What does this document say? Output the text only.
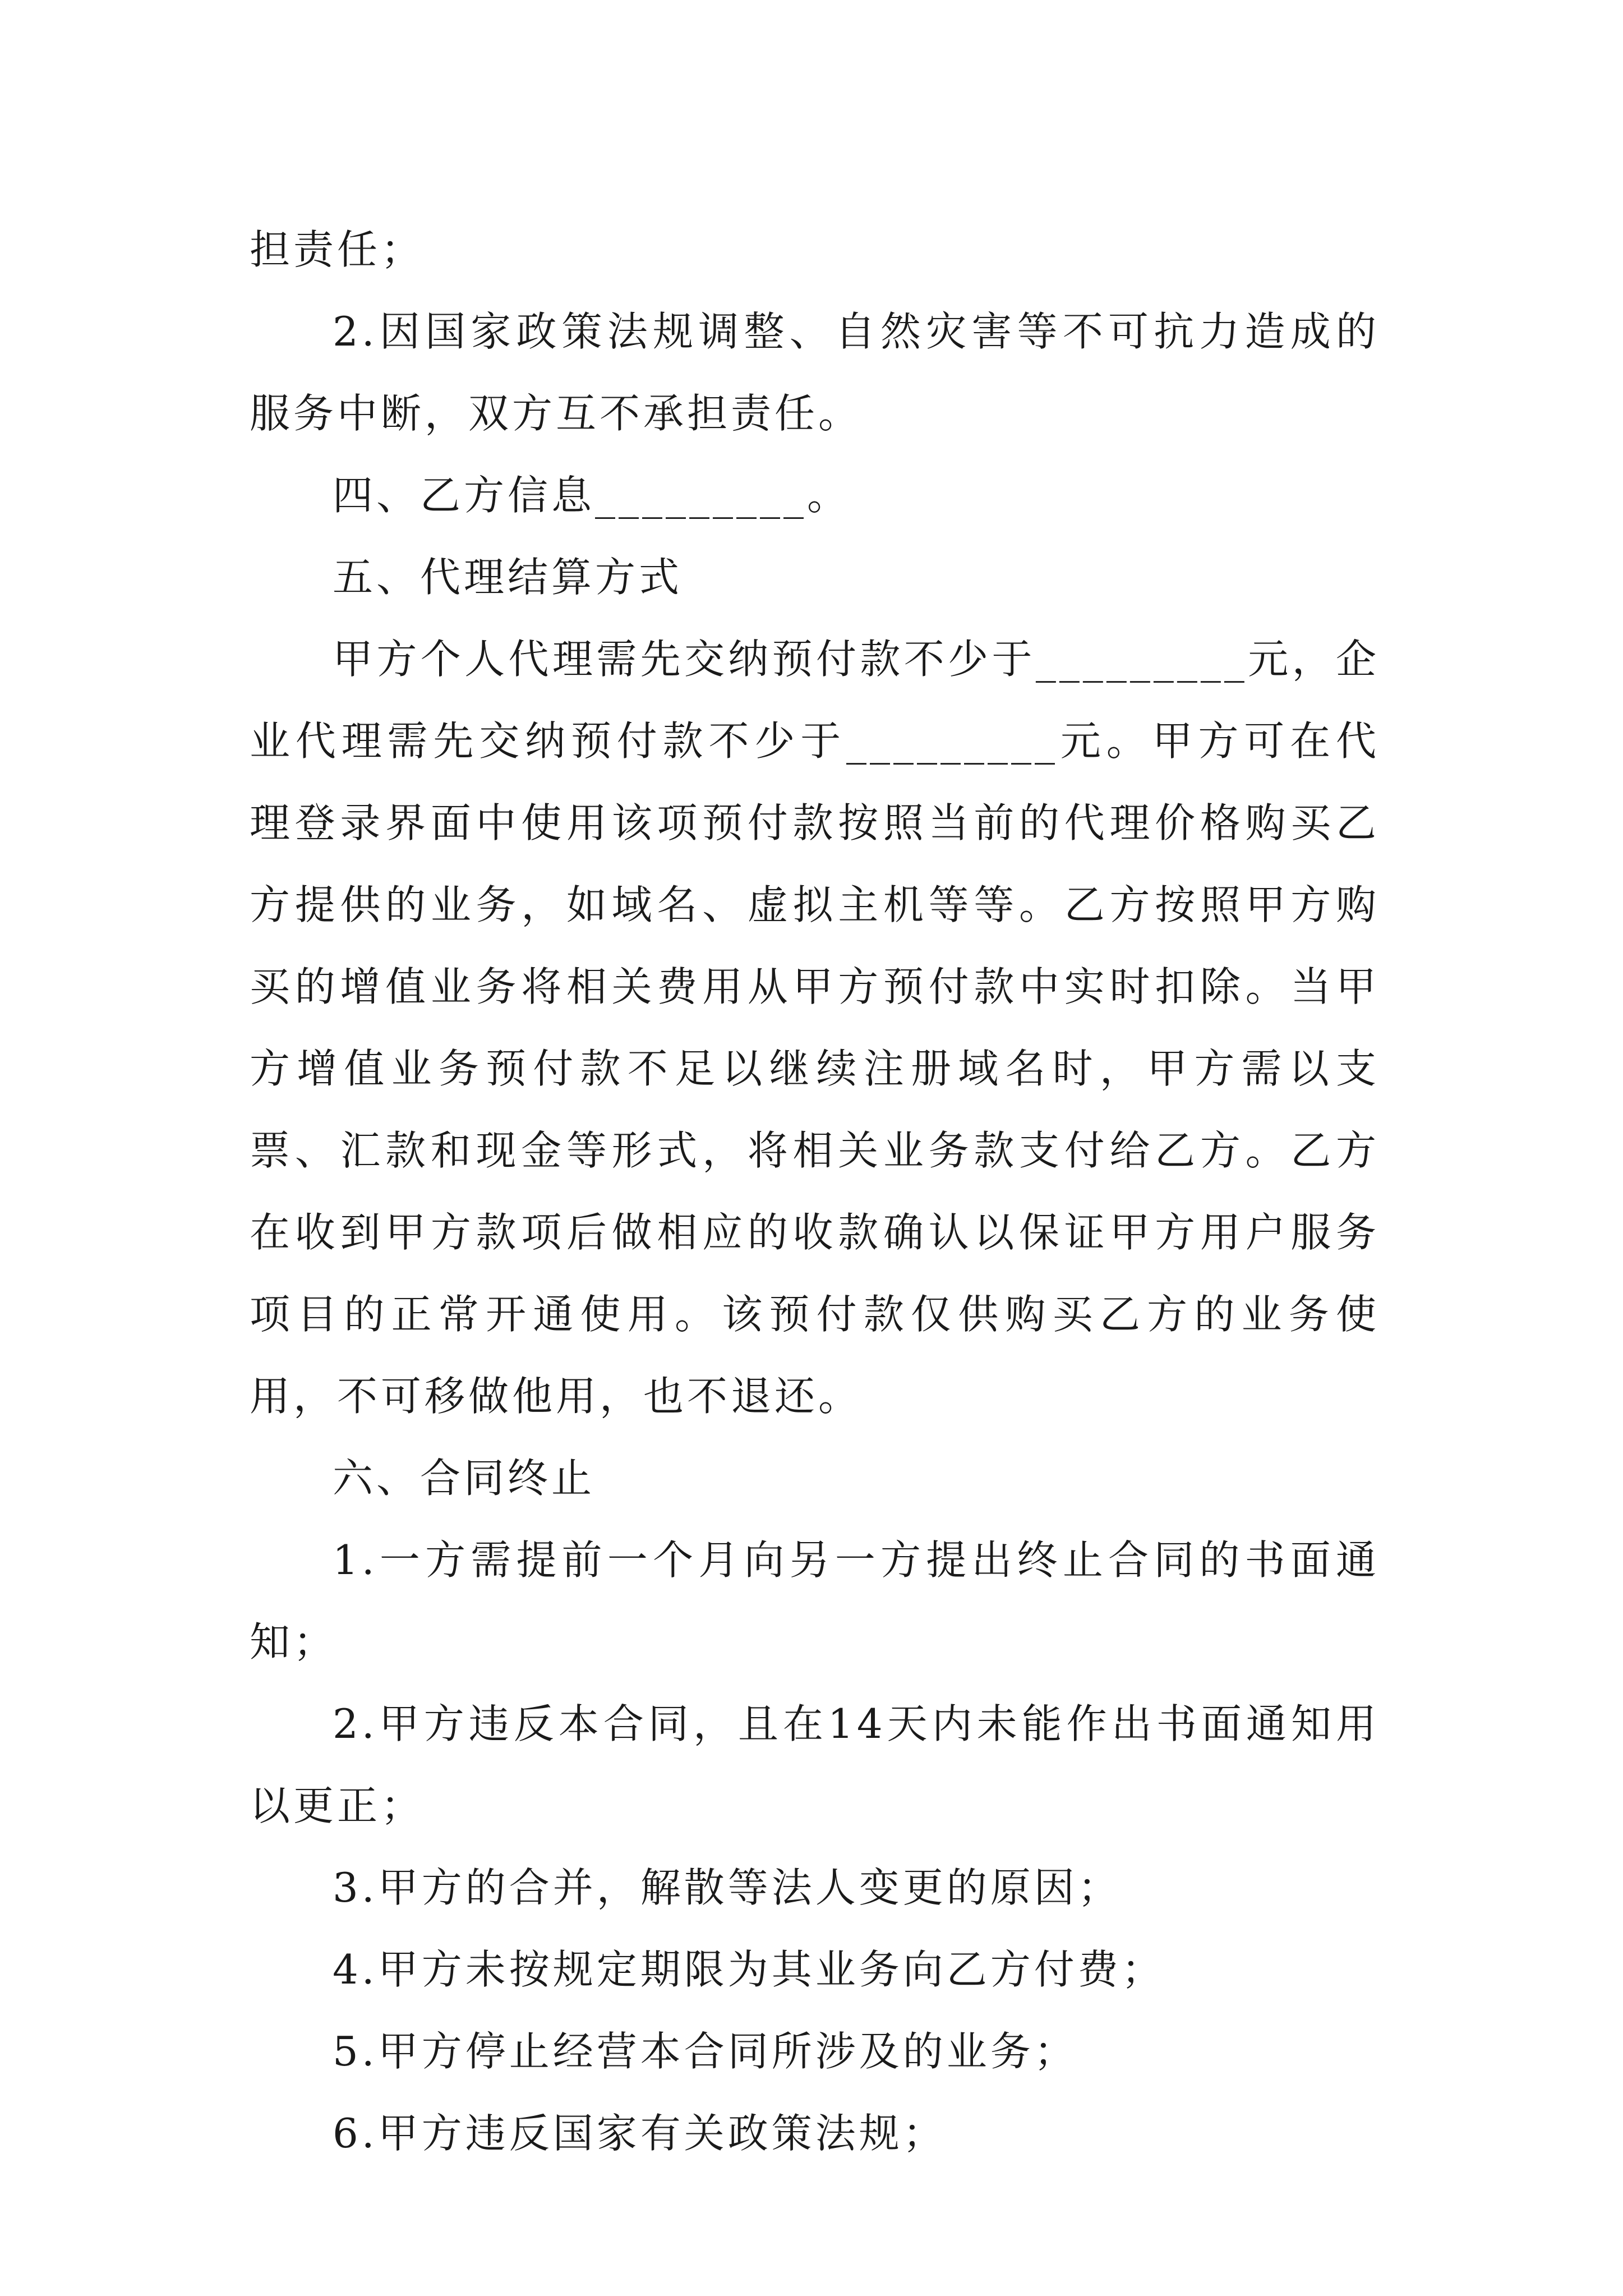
担责任；

2.因国家政策法规调整、自然灾害等不可抗力造成的服务中断，双方互不承担责任。

四、乙方信息_________。

五、代理结算方式

甲方个人代理需先交纳预付款不少于_________元，企业代理需先交纳预付款不少于_________元。甲方可在代理登录界面中使用该项预付款按照当前的代理价格购买乙方提供的业务，如域名、虚拟主机等等。乙方按照甲方购买的增值业务将相关费用从甲方预付款中实时扣除。当甲方增值业务预付款不足以继续注册域名时，甲方需以支票、汇款和现金等形式，将相关业务款支付给乙方。乙方在收到甲方款项后做相应的收款确认以保证甲方用户服务项目的正常开通使用。该预付款仅供购买乙方的业务使用，不可移做他用，也不退还。

六、合同终止

1.一方需提前一个月向另一方提出终止合同的书面通知；

2.甲方违反本合同，且在14天内未能作出书面通知用以更正；

3.甲方的合并，解散等法人变更的原因；

4.甲方未按规定期限为其业务向乙方付费；

5.甲方停止经营本合同所涉及的业务；

6.甲方违反国家有关政策法规；
